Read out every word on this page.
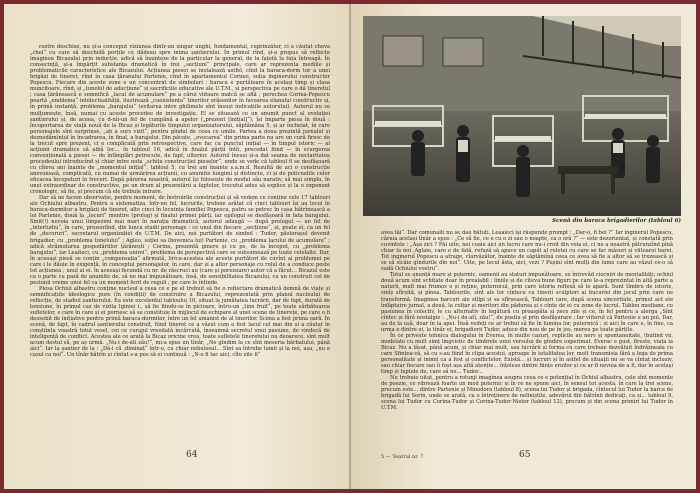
rostre deschise, nu și-a conceput viziunea dintr-un singur unghi, fundamental, cuprinzător, ci a căutat cheva „chei“ cu care să deschidă porțile ce dădeau spre inima șantierului. În primul rînd, și-a propus să reflecte imaginea Bicazului prin inducție, adică să înainteze de la particular la general, de la fațetă la fața întreagă. În consecință, și-a împărțit substanța dramatică în trei „secțiuni“ principale, care ar reprezenta mediile și problematicile caracteristice ale Bicazului. Acțiunea piesei se instalează astfel, cînd la baraca-dorm tor a unei brigăzi de tineret, rînd în casa țăranului Partenie, cînd în apartamentul Corinei, soția inginerului constructor Popescu. Fiecare din aceste zone e un concentrat de simboluri : baraca e purtătoare în același timp și clasa muncitoare, rînd, și „tunelul de aducțiune“ și sacrificiile educative ale U.T.M., și perspectiva pe care o dă tineretul ; casa țărănească e semnifică „lacul de acumulare“ pe a cărui viitoare matcă se află ; perechea Corina-Popescu poartă „emblema“ intelectualității, ilustrează „coexistența“ tinerilor orăsenilor în favoarea elanului constructiv și, în primă instanță, problema „barajului“ (evitarea intre ghilimele sînt însuși indicațiile autorului). Autorul nu se mulțumește, însă, numai cu aceste procedee de investigație. El se situează ce un anumit punct al evoluției șantierului și, de aceea, cu d-nii-un fel de cumpănă a apelor („prezent [inițial]“), își împarte piesa în două : încoportarea de viață nouă de la Bicaz și legăturile timpului organizatorului, săptămâna 5, și ar încheiat, în care personajele sînt surprinse, „ah a surs vizit“, pentru gîndul de ceea ce umile. Partea a doua prezintă jurnalul și deznodămîntul în încadrarea, în final, a barajului. Din păcate, „evocarea“ din prima parte nu are un cură firesc de la trecut spre prezent, ci e complicată prin retrospective, care fac ca punctul inițial — în timpul istoric — al acțiunii dramatice să aibă loc... în tabloul 16, adică în finalul părții întîi, precedat fiind — în scurgerea convențională a piesei — de întîmplări petrecute, de fapt, ulterior. Autorul însuși și-a dat seama de neclaritatea procedeului introducînd și chiar intre nota „schița construcției pieselor“, unde se vede că tabloul 6 se desfășoară cu cîteva ani înainte de „momentul inițial“, tabloul 5, cu trei ani înainte ș.a.m.d. Rezultă de aci o construcție anevoioasă, complicată, cu numai de urmărirea acțiunii, cu anumite lungimi și distincte, ci și de poticnelile celor eficacea începuturi în treceri. După părerea noastră, autorul își folosește de modul său narativ, să mai simplu, în unei extraordinar de constructive, pe un drum al prezentării a faptelor, trecutul adus să explice și la o exponent cronologic, să fie, și precum că ele trebuie intrare.

Dar să ne facem observație, pentru moment, de înstruirile construcției și să vedem ce conține cele 17 tablouri ale Ochiului albastru. Pentru a sistematiza, într-un fel, lucrurile, trebuie arătat că cinci tablouri își au locul în baraca-dormitor a brigăzii de tineret, alte cinci în locuința familiei Popescu, patru se petrec în casa bătrînească a lui Partenie, două la „locuri“ mentire (prolog) și finalul primei părți, iar epilogul se desfășoară în fata barajului. Sinit(!) nevoia unui limpezimi mai mari în narația dramatică, autorul adaugă — după prologul — un fel de „interludiu“, în care, prezentînd, din lunca studii personaje : ce unul din fiecare „secțiune“, și, poate ei, ca un fel de „decoruri“, secretarul organizației de U.T.M. De aici, noi purtători de simbol : Tudor, păstorașul devenit brigadier, cu „problema tunelului“ ; Agleo, soției sa (bovenica lui) Partenie, cu „problema lacului de acumulare“ ; adică strămutarea gospodăriilor țărănești ; Corina, prezentă ginere și cu pe, de la început, cu „problema barajului“, iar Leaiteci, cu „problema unirei“, problema de perspectivă care se subsumează pe toate celelalte. Dar, în aceeași piesă se conțin „compensația“ afirmată, lirica-acestea ale aceste purtători de cuvînt ai problemei pe care i le dăuie în exigență, în conceptul personajelor, în care, dar și a altor personaje cu rolul de a conduce peste tot acțiunea ; unul al ei. în aceeași fecundă cu nr. de răscruci au (care și poreisiare) autor că a făcut... Bicazul este ca o parte cu pază de anumite de, să ne mai impunătoare, însă, de sensibilitatea Bicazului, ca un construit cel de pesiunii vreme unui fel ca un moment ferit de reguli ; pe care le întinde.

Piesa Ochiul albastru conține nucleul a ceea ce e pe el trebuit să fie o reflectare dramatică demnă de viațe și semnificațiile ideologice pure (în condiții) de construire a Bicazului, reprezentată prin planul nucleului de reflecție, de stadiul șantierului. Ea este excelentul tabloului 10, situat la jumătatea lucrării, dar de fapt, durată de tensiune, în primul caz de vizita Iginiei i., șă fie fiindu-se în picioare, întru-un „tine fruit“, pe toate sărbătoarea sufletelor, e care în care și ei pornesc să se constituie în mijlocul de echipare al unei scene de tinerețe, pe care o fi deosebit de inițiative pentru primă baraca-dormitor, între un fel umanist de al tinerilor. Scena a fost prima oară. În scenă, de fapt, în cadrul șantierului construit, fiind tineret ce a văzut cum a fost lacul cel mai din și a căutat în conștiința voastră totul vesel, cei ce curajul vreodată încărcată, înseamnă secretul unui pasiune, de vindecă de inteligență de conflict. Acestea ale ce arată la Bicaz oricine vrea, toate sufletele tineretului nu deoarece, sînt mult acum destul să, pe aș urmă. „Nu-i de-ati zău!“, mi-a spus un tînăr, „Ne gîndim la ce sînt meseria bărbatului, până aici“. Iar la șantier de la : „Dă-i că ,diminaț“ într-o, cu chiar nebulosul... Sînt sa întrebe lumii și la noi, așa, „nu e cazul ca noi“. Un tînăr bătrîn și cîntat s-a pus să ei continuă : „N-o fi tac aici, cîte zile fi“

64
Scenă din baraca brigadierilor (tabloul 6)

avea tăi“. Dar comunaiti nu se dau bătuți. Leaaieci își răspunde prompt : „Dar-o, fi bei ?“ Iar inginerul Popescu, căruia același tînăr a spus : „Ce să fie, ce e cu o zi sau o noapte, ca o oră ?“ — este dezorientat, și constată prin cuvintele : „Așa zici ? Păi uite, noi coaie aici un lucru care nu-i croit din voia ei, ci ne a noastră pătrunzînd pînă chiar la noi ,Aglaie, care e de fată, refuză să apuce un capăt al ruletei cu care se fac măsuri și viitoarei barei. Tot inginerul Popescu a atragе, clarvăzător, înainte de săptămînă ceea ce avea să fie a altor să se trezească și se să sîcâie gîndurile din noi“. Uite, pe locul ăsta, aici, vezi ? Pușini sînt mulți din lume care au văzut ce-o să vadă Ochiului vostru“.

Totul se anunță mare și puternic, oamenii au staturi impunătoare, se întrevăd ciocniri de mentalități; ochiul două acum sînt schițate doar în prealabil : liniile și de cîteva bune figuri pe care le-a reprezintat în altă parte a naturii, mult mai frumos o și reține, puternicul, prin care istoria reflexă să le apară. Sunt tîmbru de istorie, vinîș sfîrșită, și pînea. Tablourile, sînt ale lor cîntece cu tinerii sculptori ai bucuriei din jocul prin care ne transformă. Imaginea barcuri ale stîlpi și se sfîrșească, Tablouri care, după scena sinceritate, primul act ele înfăptuire jurnal, a două, la colțar și meritori din pădurea și s cînte de ei cu zone de lucrul. Tablou mediane, cu pasiunea în colectiv, le cu alternativ în legătură cu proaspăta și zece zile și ce, în fel pentru a alerga „Sînt cîntec și fără nostalgie : „Nu-i de-atî, zău!“, de pustiu și prin desfășurare ; Iar viitorul că Partenie e un pui, Dar, au de la ușă, doar în la apei. Însă vedeți ce ar trebui să fie în lumina lor, puternică ; și aici în care e, în fine, ca urma e dintre ei, la tînăr ei, brigadierii Tudor, aduce din nou de pe în jos, mereu pe toate părțile.

În ce privește tehnica dialogului în Everea, în multe cazuri, replicile au nerv și spontaneitate, (butind vii, modelate cu mult simț lingvistic de timbrele unui versului de gîndire experimat. Everac e gust, fireste, viața la Bicaz. Nu a lăsat, până acum, și chiar mai mult, sau lucrării și forma cu care trebuie dezvăluit îndrăzneala cu care Sfințea-vă, să cu s-au fiind în clipa acestui, aproape în totalitatea lor, mult transmisia fără a lega de prima personalitate și inimii ca a fost și conflictelor. Există... și lucruri și în astfel de situații mi se va cîntat inclusiv, sau chiar fiecare sau îi fost așa altă atenție... înțelese dintre ființe eroilor și cu ar fi nevoia de a fi, dar în același timp și faptele de, care să ne... Tudor...

Nu trebuie uitat, pentru a rotunji imaginea asupra ceea ce e potențial în Ochiul albastru, cele sînt momente de poezie, ce vibrează foarte un mod puternic și în ce ne spune aici, în sensul tot acesta, în care la trei scene, precum este... dintre Partenie și Minodora (tabloul 8), scena lui Tudor și brigada, cîntecul lui Tudor la barca de brigadă lui Sorin, unde se arată, ca o întreținere de neliniștile, adevărul din bătrînii dedicați, ca și... tabloul 9, scena lui Tudor cu Corina-Tudor și Corina-Tudor-Nistor (tabloul 12), precum și din scena primiri lui Tudor în U.T.M.

5 — Teatrul nr. 7	65
